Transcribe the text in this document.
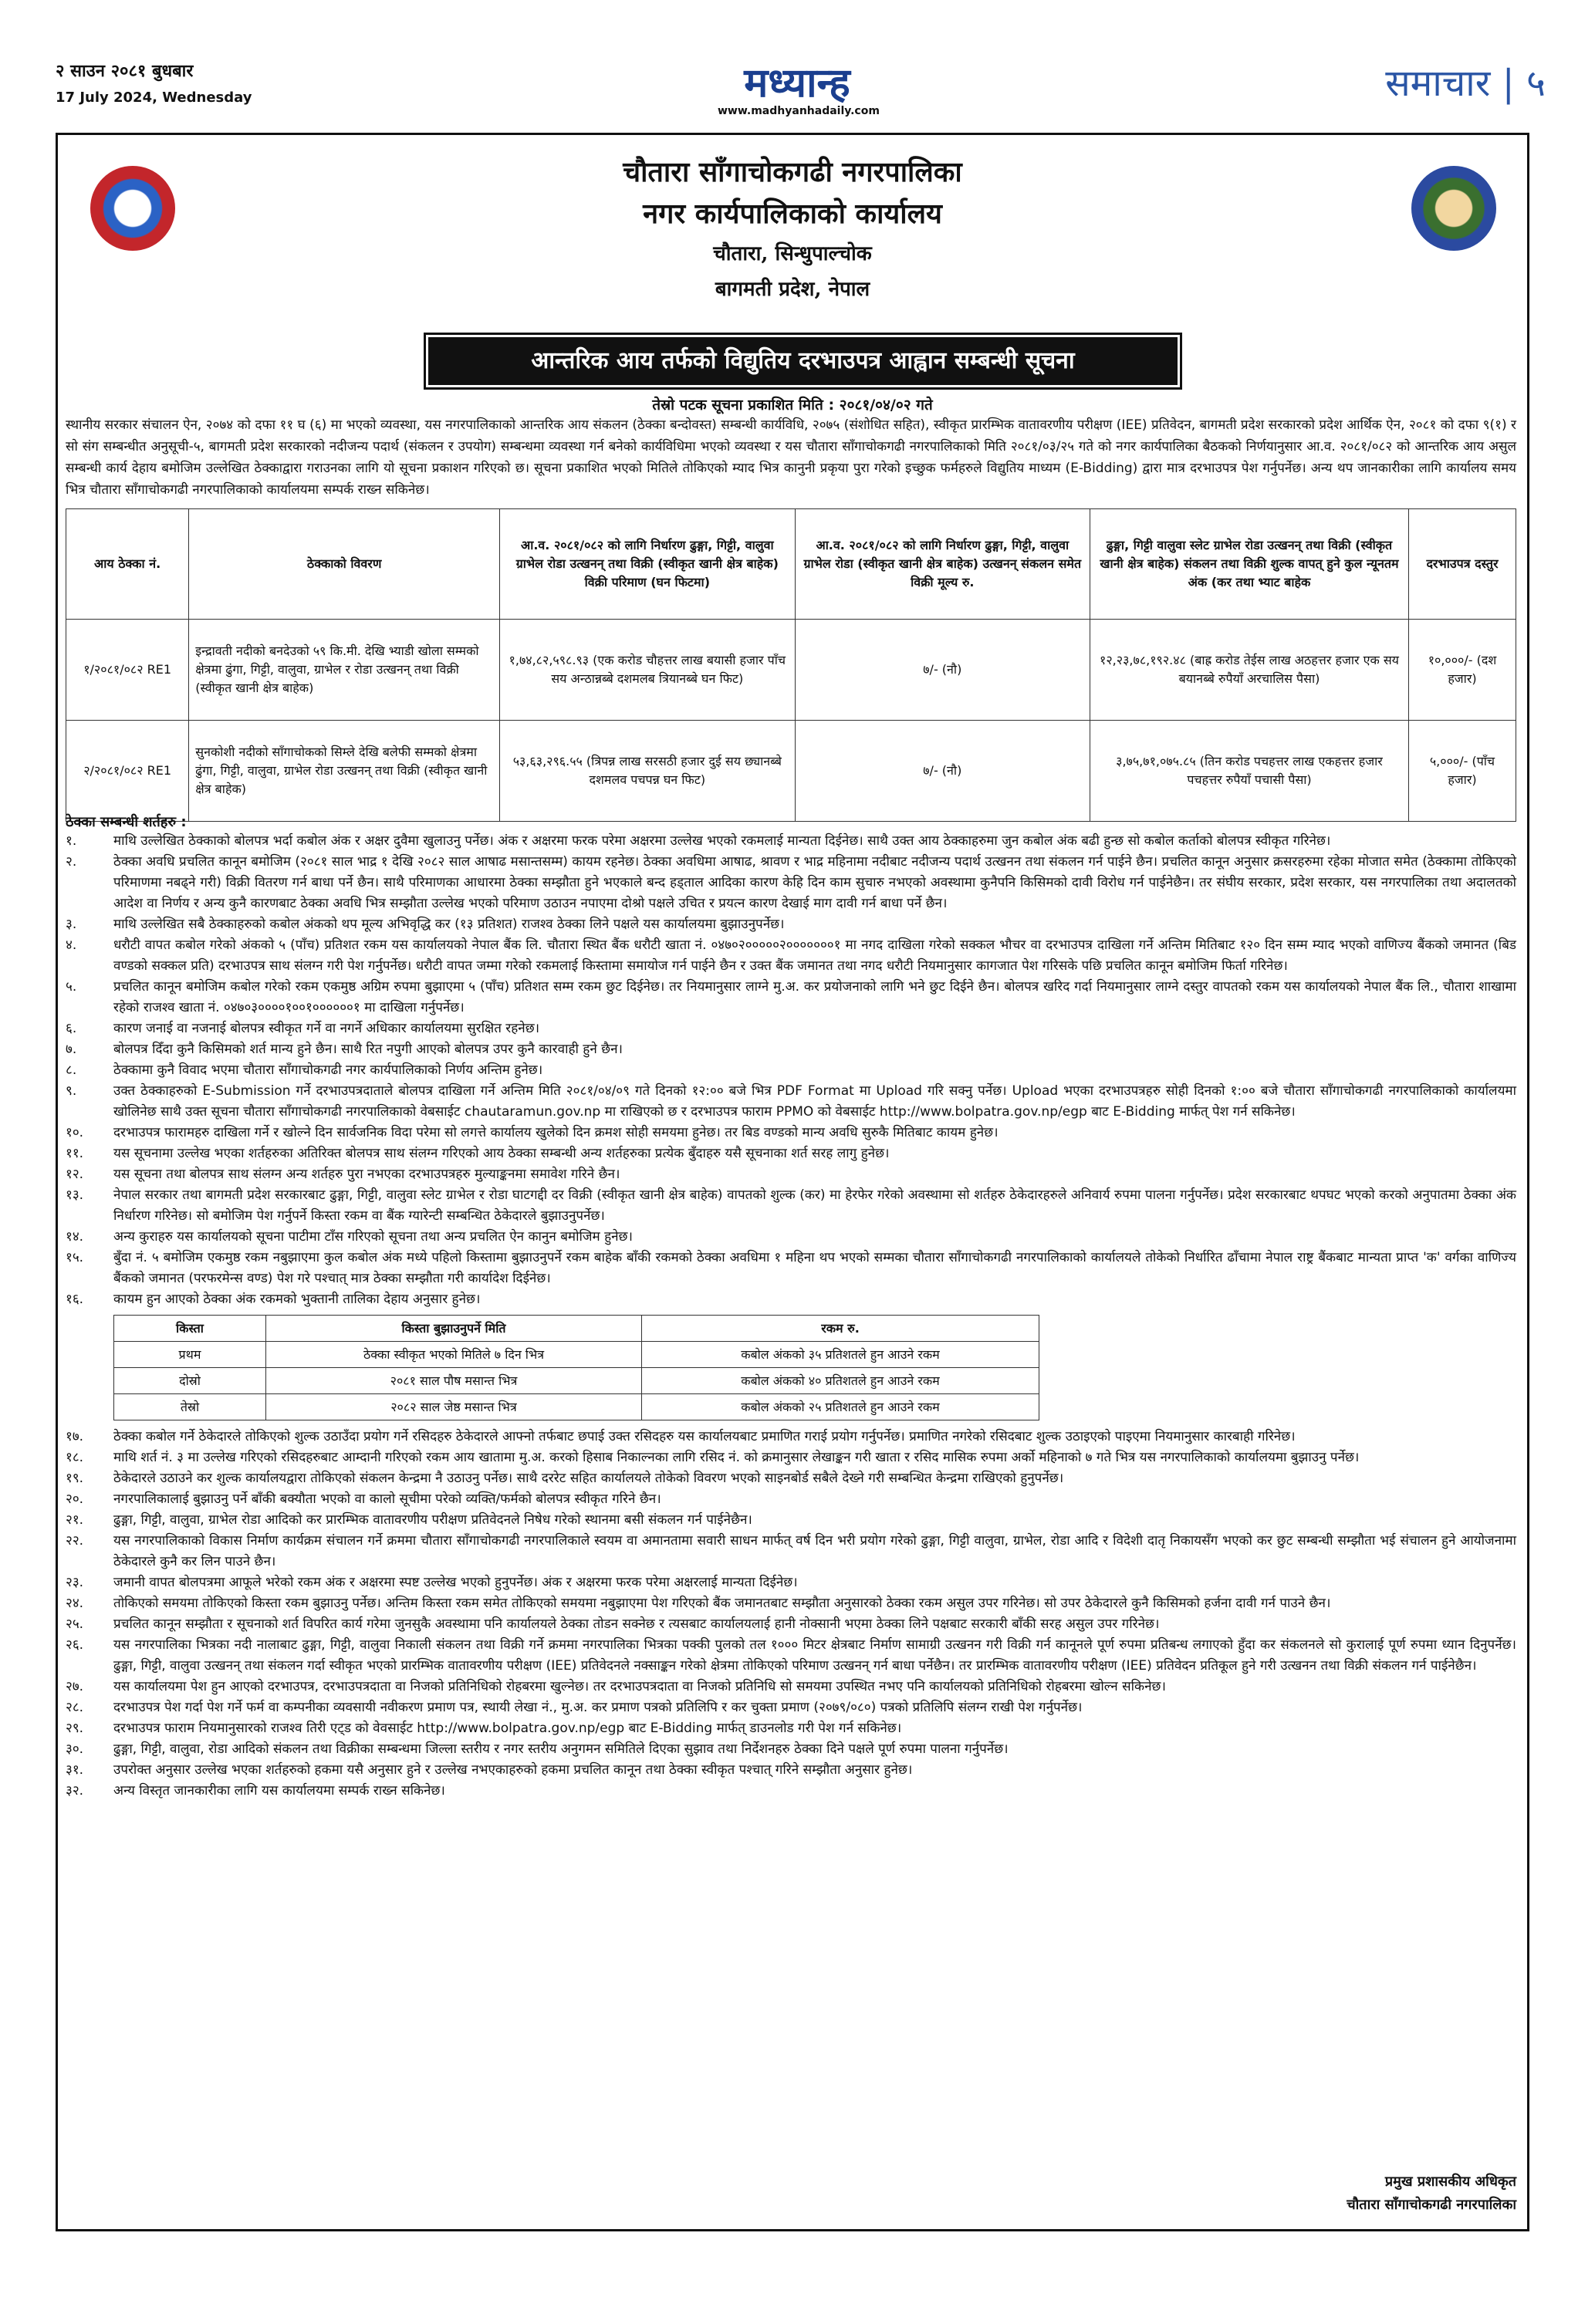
२ साउन २०८१ बुधबार
17 July 2024, Wednesday	मध्यान्ह
www.madhyanhadaily.com
समाचार | ५
चौतारा साँगाचोकगढी नगरपालिका
नगर कार्यपालिकाको कार्यालय
चौतारा, सिन्धुपाल्चोक
बागमती प्रदेश, नेपाल
आन्तरिक आय तर्फको विद्युतिय दरभाउपत्र आह्वान सम्बन्धी सूचना
तेस्रो पटक सूचना प्रकाशित मिति : २०८१/०४/०२ गते
स्थानीय सरकार संचालन ऐन, २०७४ को दफा ११ घ (६) मा भएको व्यवस्था, यस नगरपालिकाको आन्तरिक आय संकलन (ठेक्का बन्दोवस्त) सम्बन्धी कार्यविधि, २०७५ (संशोधित सहित), स्वीकृत प्रारम्भिक वातावरणीय परीक्षण (IEE) प्रतिवेदन, बागमती प्रदेश सरकारको प्रदेश आर्थिक ऐन, २०८१ को दफा ९(१) र सो संग सम्बन्धीत अनुसूची-५, बागमती प्रदेश सरकारको नदीजन्य पदार्थ (संकलन र उपयोग) सम्बन्धमा व्यवस्था गर्न बनेको कार्यविधिमा भएको व्यवस्था र यस चौतारा साँगाचोकगढी नगरपालिकाको मिति २०८१/०३/२५ गते को नगर कार्यपालिका बैठकको निर्णयानुसार आ.व. २०८१/०८२ को आन्तरिक आय असुल सम्बन्धी कार्य देहाय बमोजिम उल्लेखित ठेक्काद्वारा गराउनका लागि यो सूचना प्रकाशन गरिएको छ। सूचना प्रकाशित भएको मितिले तोकिएको म्याद भित्र कानुनी प्रकृया पुरा गरेको इच्छुक फर्महरुले विद्युतिय माध्यम (E-Bidding) द्वारा मात्र दरभाउपत्र पेश गर्नुपर्नेछ। अन्य थप जानकारीका लागि कार्यालय समय भित्र चौतारा साँगाचोकगढी नगरपालिकाको कार्यालयमा सम्पर्क राख्न सकिनेछ।
आय ठेक्का नं.	ठेक्काको विवरण	आ.व. २०८१/०८२ को लागि निर्धारण ढुङ्गा, गिट्टी, वालुवा ग्राभेल रोडा उत्खनन् तथा विक्री (स्वीकृत खानी क्षेत्र बाहेक) विक्री परिमाण (घन फिटमा)	आ.व. २०८१/०८२ को लागि निर्धारण ढुङ्गा, गिट्टी, वालुवा ग्राभेल रोडा (स्वीकृत खानी क्षेत्र बाहेक) उत्खनन् संकलन समेत विक्री मूल्य रु.	ढुङ्गा, गिट्टी वालुवा स्लेट ग्राभेल रोडा उत्खनन् तथा विक्री (स्वीकृत खानी क्षेत्र बाहेक) संकलन तथा विक्री शुल्क वापत् हुने कुल न्यूनतम अंक (कर तथा भ्याट बाहेक	दरभाउपत्र दस्तुर
१/२०८१/०८२ RE1	इन्द्रावती नदीको बनदेउको ५९ कि.मी. देखि भ्याडी खोला सम्मको क्षेत्रमा ढुंगा, गिट्टी, वालुवा, ग्राभेल र रोडा उत्खनन् तथा विक्री (स्वीकृत खानी क्षेत्र बाहेक)	१,७४,८२,५९८.९३ (एक करोड चौहत्तर लाख बयासी हजार पाँच सय अन्ठान्नब्बे दशमलब त्रियानब्बे घन फिट)	७/- (नौ)	१२,२३,७८,१९२.४८ (बाह्र करोड तेईस लाख अठहत्तर हजार एक सय बयानब्बे रुपैयाँ अरचालिस पैसा)	१०,०००/- (दश हजार)
२/२०८१/०८२ RE1	सुनकोशी नदीको साँगाचोकको सिम्ले देखि बलेफी सम्मको क्षेत्रमा ढुंगा, गिट्टी, वालुवा, ग्राभेल रोडा उत्खनन् तथा विक्री (स्वीकृत खानी क्षेत्र बाहेक)	५३,६३,२९६.५५ (त्रिपन्न लाख सरसठी हजार दुई सय छ्यानब्बे दशमलव पचपन्न घन फिट)	७/- (नौ)	३,७५,७१,०७५.८५ (तिन करोड पचहत्तर लाख एकहत्तर हजार पचहत्तर रुपैयाँ पचासी पैसा)	५,०००/- (पाँच हजार)
ठेक्का सम्बन्धी शर्तहरु :
१.	माथि उल्लेखित ठेक्काको बोलपत्र भर्दा कबोल अंक र अक्षर दुवैमा खुलाउनु पर्नेछ। अंक र अक्षरमा फरक परेमा अक्षरमा उल्लेख भएको रकमलाई मान्यता दिईनेछ। साथै उक्त आय ठेक्काहरुमा जुन कबोल अंक बढी हुन्छ सो कबोल कर्ताको बोलपत्र स्वीकृत गरिनेछ।
२.	ठेक्का अवधि प्रचलित कानून बमोजिम (२०८१ साल भाद्र १ देखि २०८२ साल आषाढ मसान्तसम्म) कायम रहनेछ। ठेक्का अवधिमा आषाढ, श्रावण र भाद्र महिनामा नदीबाट नदीजन्य पदार्थ उत्खनन तथा संकलन गर्न पाईने छैन। प्रचलित कानून अनुसार क्रसरहरुमा रहेका मोजात समेत (ठेक्कामा तोकिएको परिमाणमा नबढ्ने गरी) विक्री वितरण गर्न बाधा पर्ने छैन। साथै परिमाणका आधारमा ठेक्का सम्झौता हुने भएकाले बन्द हड्ताल आदिका कारण केहि दिन काम सुचारु नभएको अवस्थामा कुनैपनि किसिमको दावी विरोध गर्न पाईनेछैन। तर संघीय सरकार, प्रदेश सरकार, यस नगरपालिका तथा अदालतको आदेश वा निर्णय र अन्य कुनै कारणबाट ठेक्का अवधि भित्र सम्झौता उल्लेख भएको परिमाण उठाउन नपाएमा दोश्रो पक्षले उचित र प्रयत्न कारण देखाई माग दावी गर्न बाधा पर्ने छैन।
३.	माथि उल्लेखित सबै ठेक्काहरुको कबोल अंकको थप मूल्य अभिवृद्धि कर (१३ प्रतिशत) राजश्व ठेक्का लिने पक्षले यस कार्यालयमा बुझाउनुपर्नेछ।
४.	धरौटी वापत कबोल गरेको अंकको ५ (पाँच) प्रतिशत रकम यस कार्यालयको नेपाल बैंक लि. चौतारा स्थित बैंक धरौटी खाता नं. ०४७०२०००००२०००००००१ मा नगद दाखिला गरेको सक्कल भौचर वा दरभाउपत्र दाखिला गर्ने अन्तिम मितिबाट १२० दिन सम्म म्याद भएको वाणिज्य बैंकको जमानत (बिड वण्डको सक्कल प्रति) दरभाउपत्र साथ संलग्न गरी पेश गर्नुपर्नेछ। धरौटी वापत जम्मा गरेको रकमलाई किस्तामा समायोज गर्न पाईने छैन र उक्त बैंक जमानत तथा नगद धरौटी नियमानुसार कागजात पेश गरिसके पछि प्रचलित कानून बमोजिम फिर्ता गरिनेछ।
५.	प्रचलित कानून बमोजिम कबोल गरेको रकम एकमुष्ठ अग्रिम रुपमा बुझाएमा ५ (पाँच) प्रतिशत सम्म रकम छुट दिईनेछ। तर नियमानुसार लाग्ने मु.अ. कर प्रयोजनाको लागि भने छुट दिईने छैन। बोलपत्र खरिद गर्दा नियमानुसार लाग्ने दस्तुर वापतको रकम यस कार्यालयको नेपाल बैंक लि., चौतारा शाखामा रहेको राजश्व खाता नं. ०४७०३००००१००१००००००१ मा दाखिला गर्नुपर्नेछ।
६.	कारण जनाई वा नजनाई बोलपत्र स्वीकृत गर्ने वा नगर्ने अधिकार कार्यालयमा सुरक्षित रहनेछ।
७.	बोलपत्र दिँदा कुनै किसिमको शर्त मान्य हुने छैन। साथै रित नपुगी आएको बोलपत्र उपर कुनै कारवाही हुने छैन।
८.	ठेक्कामा कुनै विवाद भएमा चौतारा साँगाचोकगढी नगर कार्यपालिकाको निर्णय अन्तिम हुनेछ।
९.	उक्त ठेक्काहरुको E-Submission गर्ने दरभाउपत्रदाताले बोलपत्र दाखिला गर्ने अन्तिम मिति २०८१/०४/०९ गते दिनको १२:०० बजे भित्र PDF Format मा Upload गरि सक्नु पर्नेछ। Upload भएका दरभाउपत्रहरु सोही दिनको १:०० बजे चौतारा साँगाचोकगढी नगरपालिकाको कार्यालयमा खोलिनेछ साथै उक्त सूचना चौतारा साँगाचोकगढी नगरपालिकाको वेबसाईट chautaramun.gov.np मा राखिएको छ र दरभाउपत्र फाराम PPMO को वेबसाईट http://www.bolpatra.gov.np/egp बाट E-Bidding मार्फत् पेश गर्न सकिनेछ।
१०.	दरभाउपत्र फारामहरु दाखिला गर्ने र खोल्ने दिन सार्वजनिक विदा परेमा सो लगत्ते कार्यालय खुलेको दिन क्रमश सोही समयमा हुनेछ। तर बिड वण्डको मान्य अवधि सुरुकै मितिबाट कायम हुनेछ।
११.	यस सूचनामा उल्लेख भएका शर्तहरुका अतिरिक्त बोलपत्र साथ संलग्न गरिएको आय ठेक्का सम्बन्धी अन्य शर्तहरुका प्रत्येक बुँदाहरु यसै सूचनाका शर्त सरह लागु हुनेछ।
१२.	यस सूचना तथा बोलपत्र साथ संलग्न अन्य शर्तहरु पुरा नभएका दरभाउपत्रहरु मुल्याङ्कनमा समावेश गरिने छैन।
१३.	नेपाल सरकार तथा बागमती प्रदेश सरकारबाट ढुङ्गा, गिट्टी, वालुवा स्लेट ग्राभेल र रोडा घाटगद्दी दर विक्री (स्वीकृत खानी क्षेत्र बाहेक) वापतको शुल्क (कर) मा हेरफेर गरेको अवस्थामा सो शर्तहरु ठेकेदारहरुले अनिवार्य रुपमा पालना गर्नुपर्नेछ। प्रदेश सरकारबाट थपघट भएको करको अनुपातमा ठेक्का अंक निर्धारण गरिनेछ। सो बमोजिम पेश गर्नुपर्ने किस्ता रकम वा बैंक ग्यारेन्टी सम्बन्धित ठेकेदारले बुझाउनुपर्नेछ।
१४.	अन्य कुराहरु यस कार्यालयको सूचना पाटीमा टाँस गरिएको सूचना तथा अन्य प्रचलित ऐन कानुन बमोजिम हुनेछ।
१५.	बुँदा नं. ५ बमोजिम एकमुष्ठ रकम नबुझाएमा कुल कबोल अंक मध्ये पहिलो किस्तामा बुझाउनुपर्ने रकम बाहेक बाँकी रकमको ठेक्का अवधिमा १ महिना थप भएको सम्मका चौतारा साँगाचोकगढी नगरपालिकाको कार्यालयले तोकेको निर्धारित ढाँचामा नेपाल राष्ट्र बैंकबाट मान्यता प्राप्त 'क' वर्गका वाणिज्य बैंकको जमानत (परफरमेन्स वण्ड) पेश गरे पश्चात् मात्र ठेक्का सम्झौता गरी कार्यादेश दिईनेछ।
१६.	कायम हुन आएको ठेक्का अंक रकमको भुक्तानी तालिका देहाय अनुसार हुनेछ।
किस्ता	किस्ता बुझाउनुपर्ने मिति	रकम रु.
प्रथम	ठेक्का स्वीकृत भएको मितिले ७ दिन भित्र	कबोल अंकको ३५ प्रतिशतले हुन आउने रकम
दोस्रो	२०८१ साल पौष मसान्त भित्र	कबोल अंकको ४० प्रतिशतले हुन आउने रकम
तेस्रो	२०८२ साल जेष्ठ मसान्त भित्र	कबोल अंकको २५ प्रतिशतले हुन आउने रकम
१७.	ठेक्का कबोल गर्ने ठेकेदारले तोकिएको शुल्क उठाउँदा प्रयोग गर्ने रसिदहरु ठेकेदारले आफ्नो तर्फबाट छपाई उक्त रसिदहरु यस कार्यालयबाट प्रमाणित गराई प्रयोग गर्नुपर्नेछ। प्रमाणित नगरेको रसिदबाट शुल्क उठाइएको पाइएमा नियमानुसार कारबाही गरिनेछ।
१८.	माथि शर्त नं. ३ मा उल्लेख गरिएको रसिदहरुबाट आम्दानी गरिएको रकम आय खातामा मु.अ. करको हिसाब निकाल्नका लागि रसिद नं. को क्रमानुसार लेखाङ्कन गरी खाता र रसिद मासिक रुपमा अर्को महिनाको ७ गते भित्र यस नगरपालिकाको कार्यालयमा बुझाउनु पर्नेछ।
१९.	ठेकेदारले उठाउने कर शुल्क कार्यालयद्वारा तोकिएको संकलन केन्द्रमा नै उठाउनु पर्नेछ। साथै दररेट सहित कार्यालयले तोकेको विवरण भएको साइनबोर्ड सबैले देख्ने गरी सम्बन्धित केन्द्रमा राखिएको हुनुपर्नेछ।
२०.	नगरपालिकालाई बुझाउनु पर्ने बाँकी बक्यौता भएको वा कालो सूचीमा परेको व्यक्ति/फर्मको बोलपत्र स्वीकृत गरिने छैन।
२१.	ढुङ्गा, गिट्टी, वालुवा, ग्राभेल रोडा आदिको कर प्रारम्भिक वातावरणीय परीक्षण प्रतिवेदनले निषेध गरेको स्थानमा बसी संकलन गर्न पाईनेछैन।
२२.	यस नगरपालिकाको विकास निर्माण कार्यक्रम संचालन गर्ने क्रममा चौतारा साँगाचोकगढी नगरपालिकाले स्वयम वा अमानतामा सवारी साधन मार्फत् वर्ष दिन भरी प्रयोग गरेको ढुङ्गा, गिट्टी वालुवा, ग्राभेल, रोडा आदि र विदेशी दातृ निकायसँग भएको कर छुट सम्बन्धी सम्झौता भई संचालन हुने आयोजनामा ठेकेदारले कुनै कर लिन पाउने छैन।
२३.	जमानी वापत बोलपत्रमा आफूले भरेको रकम अंक र अक्षरमा स्पष्ट उल्लेख भएको हुनुपर्नेछ। अंक र अक्षरमा फरक परेमा अक्षरलाई मान्यता दिईनेछ।
२४.	तोकिएको समयमा तोकिएको किस्ता रकम बुझाउनु पर्नेछ। अन्तिम किस्ता रकम समेत तोकिएको समयमा नबुझाएमा पेश गरिएको बैंक जमानतबाट सम्झौता अनुसारको ठेक्का रकम असुल उपर गरिनेछ। सो उपर ठेकेदारले कुनै किसिमको हर्जना दावी गर्न पाउने छैन।
२५.	प्रचलित कानून सम्झौता र सूचनाको शर्त विपरित कार्य गरेमा जुनसुकै अवस्थामा पनि कार्यालयले ठेक्का तोडन सक्नेछ र त्यसबाट कार्यालयलाई हानी नोक्सानी भएमा ठेक्का लिने पक्षबाट सरकारी बाँकी सरह असुल उपर गरिनेछ।
२६.	यस नगरपालिका भित्रका नदी नालाबाट ढुङ्गा, गिट्टी, वालुवा निकाली संकलन तथा विक्री गर्ने क्रममा नगरपालिका भित्रका पक्की पुलको तल १००० मिटर क्षेत्रबाट निर्माण सामाग्री उत्खनन गरी विक्री गर्न कानूनले पूर्ण रुपमा प्रतिबन्ध लगाएको हुँदा कर संकलनले सो कुरालाई पूर्ण रुपमा ध्यान दिनुपर्नेछ। ढुङ्गा, गिट्टी, वालुवा उत्खनन् तथा संकलन गर्दा स्वीकृत भएको प्रारम्भिक वातावरणीय परीक्षण (IEE) प्रतिवेदनले नक्साङ्कन गरेको क्षेत्रमा तोकिएको परिमाण उत्खनन् गर्न बाधा पर्नेछैन। तर प्रारम्भिक वातावरणीय परीक्षण (IEE) प्रतिवेदन प्रतिकूल हुने गरी उत्खनन तथा विक्री संकलन गर्न पाईनेछैन।
२७.	यस कार्यालयमा पेश हुन आएको दरभाउपत्र, दरभाउपत्रदाता वा निजको प्रतिनिधिको रोहबरमा खुल्नेछ। तर दरभाउपत्रदाता वा निजको प्रतिनिधि सो समयमा उपस्थित नभए पनि कार्यालयको प्रतिनिधिको रोहबरमा खोल्न सकिनेछ।
२८.	दरभाउपत्र पेश गर्दा पेश गर्ने फर्म वा कम्पनीका व्यवसायी नवीकरण प्रमाण पत्र, स्थायी लेखा नं., मु.अ. कर प्रमाण पत्रको प्रतिलिपि र कर चुक्ता प्रमाण (२०७९/०८०) पत्रको प्रतिलिपि संलग्न राखी पेश गर्नुपर्नेछ।
२९.	दरभाउपत्र फाराम नियमानुसारको राजश्व तिरी एट्ड को वेवसाईट http://www.bolpatra.gov.np/egp बाट E-Bidding मार्फत् डाउनलोड गरी पेश गर्न सकिनेछ।
३०.	ढुङ्गा, गिट्टी, वालुवा, रोडा आदिको संकलन तथा विक्रीका सम्बन्धमा जिल्ला स्तरीय र नगर स्तरीय अनुगमन समितिले दिएका सुझाव तथा निर्देशनहरु ठेक्का दिने पक्षले पूर्ण रुपमा पालना गर्नुपर्नेछ।
३१.	उपरोक्त अनुसार उल्लेख भएका शर्तहरुको हकमा यसै अनुसार हुने र उल्लेख नभएकाहरुको हकमा प्रचलित कानून तथा ठेक्का स्वीकृत पश्चात् गरिने सम्झौता अनुसार हुनेछ।
३२.	अन्य विस्तृत जानकारीका लागि यस कार्यालयमा सम्पर्क राख्न सकिनेछ।
प्रमुख प्रशासकीय अधिकृत
चौतारा साँगाचोकगढी नगरपालिका
